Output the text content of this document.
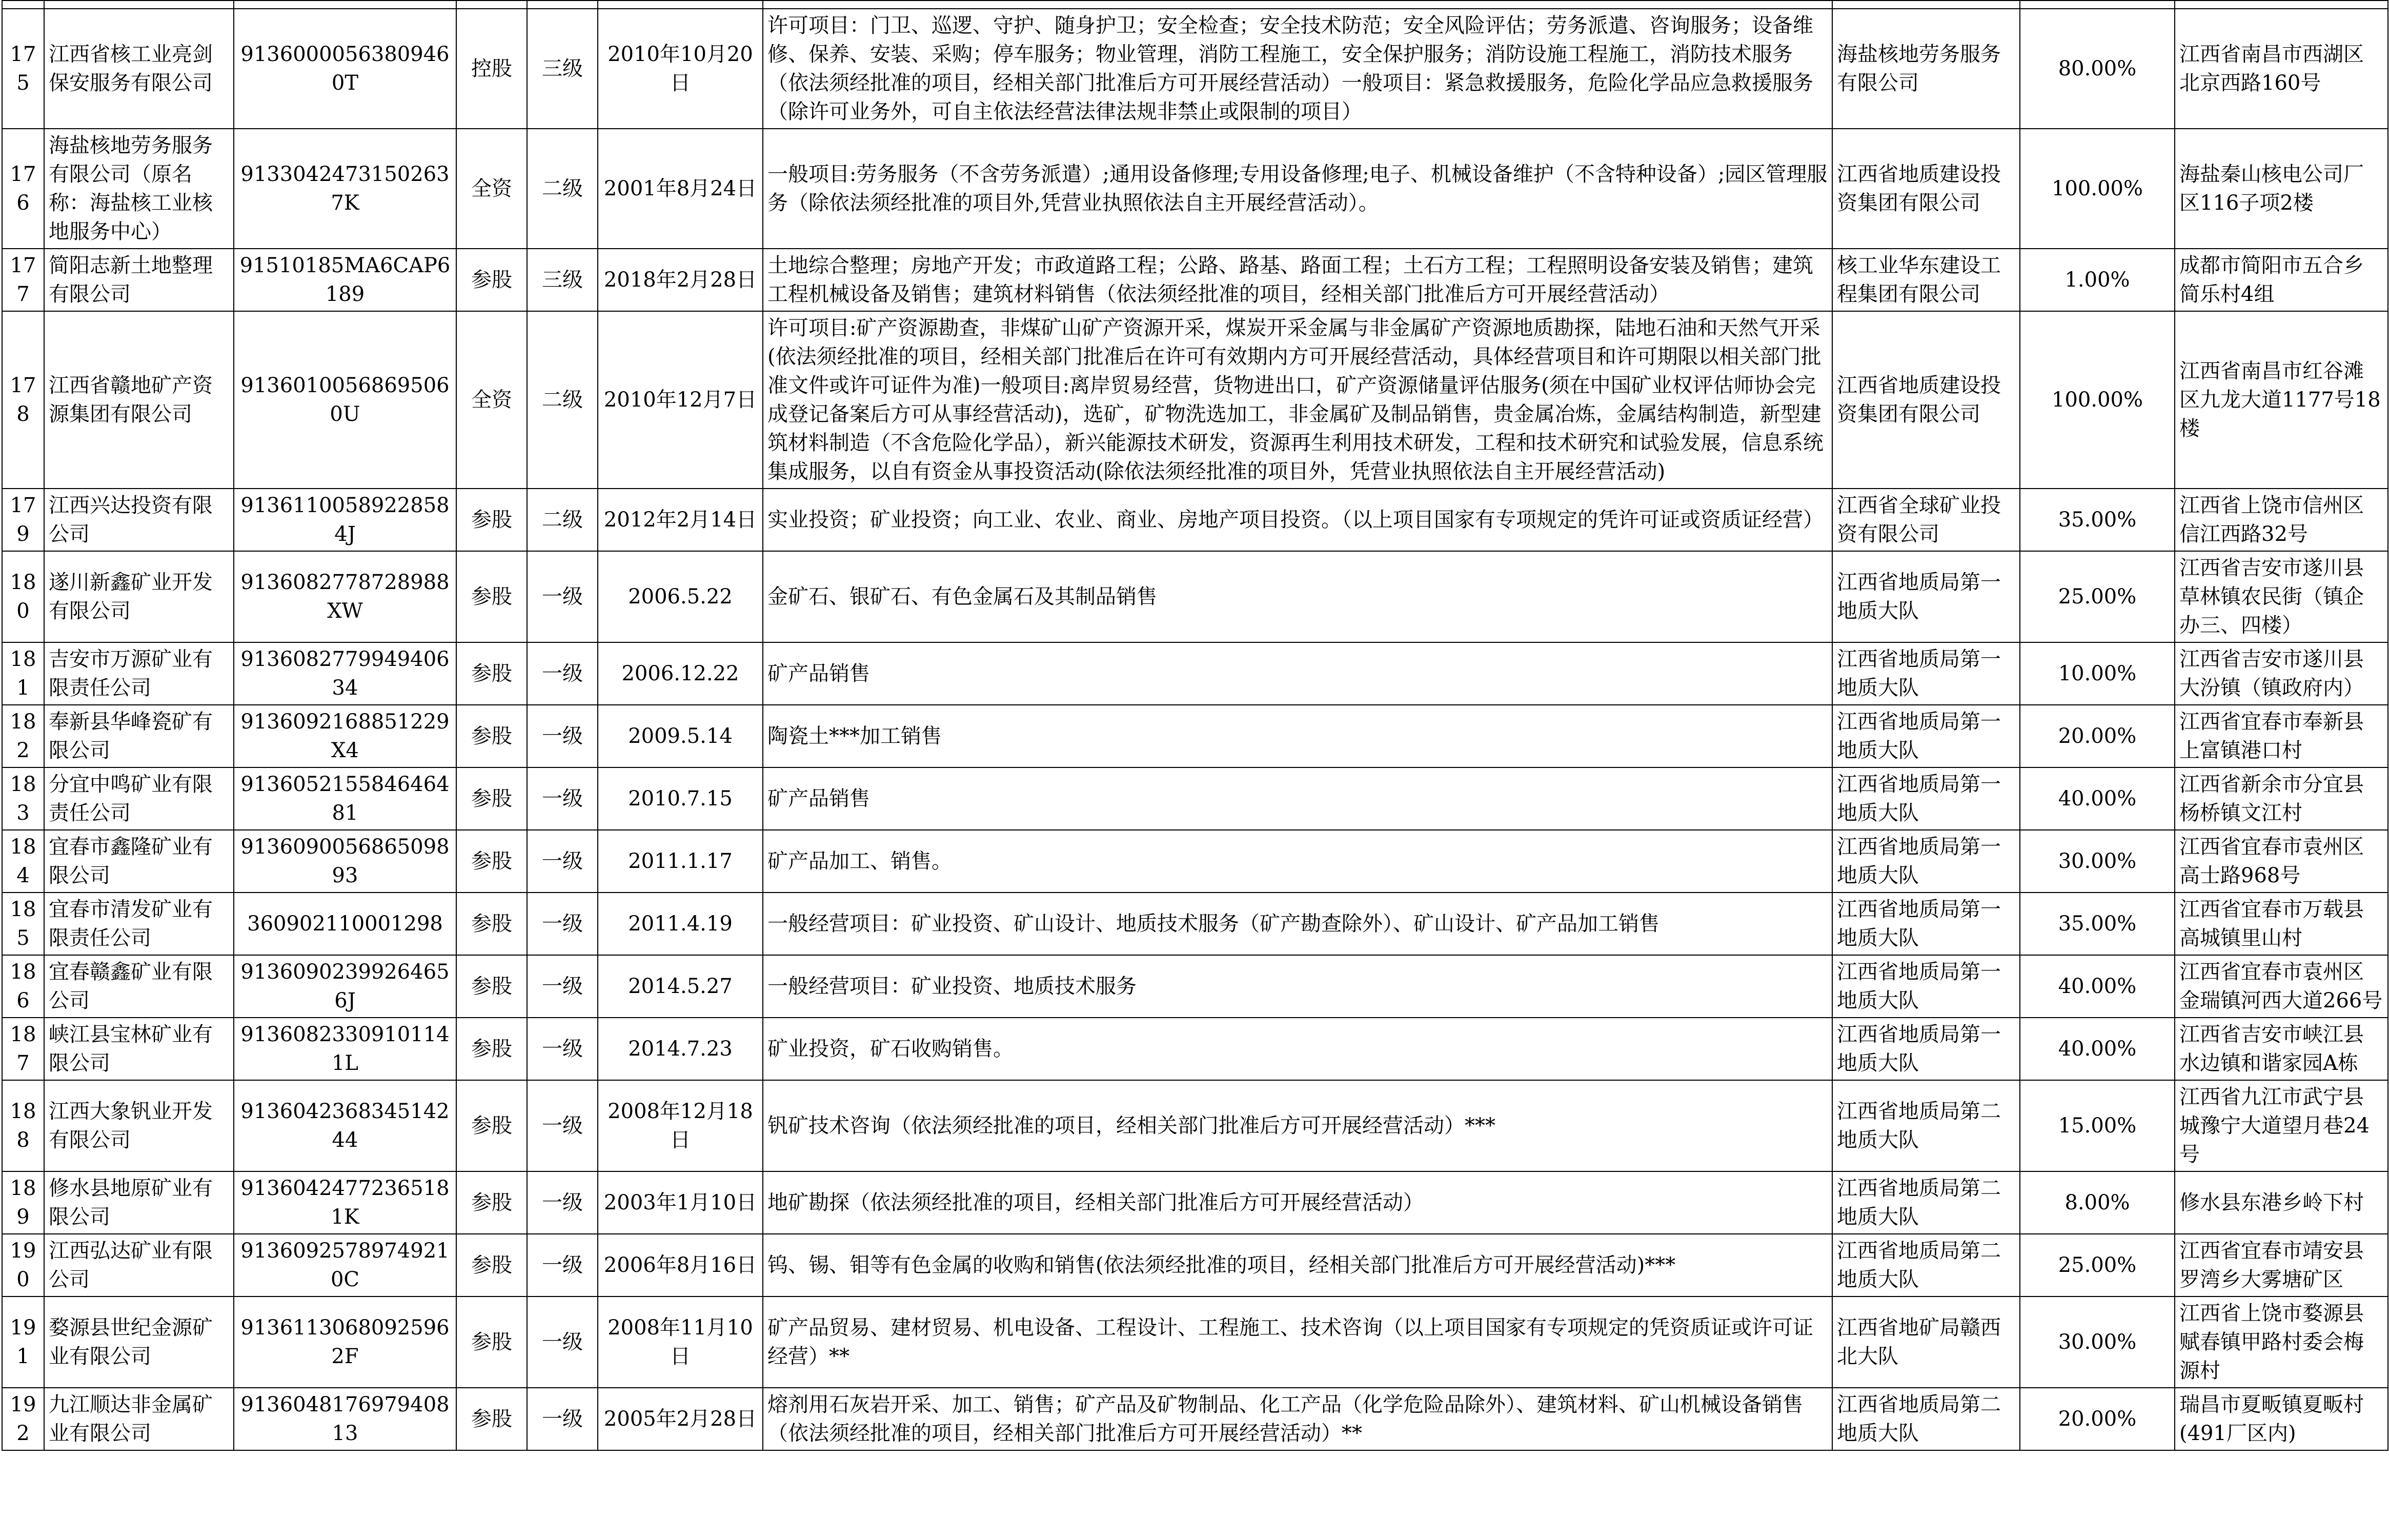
175	江西省核工业亮剑保安服务有限公司	91360000563809460T	控股	三级	2010年10月20日	许可项目：门卫、巡逻、守护、随身护卫；安全检查；安全技术防范；安全风险评估；劳务派遣、咨询服务；设备维修、保养、安装、采购；停车服务；物业管理，消防工程施工，安全保护服务；消防设施工程施工，消防技术服务（依法须经批准的项目，经相关部门批准后方可开展经营活动）一般项目：紧急救援服务，危险化学品应急救援服务（除许可业务外，可自主依法经营法律法规非禁止或限制的项目）	海盐核地劳务服务有限公司	80.00%	江西省南昌市西湖区北京西路160号
176	海盐核地劳务服务有限公司（原名称：海盐核工业核地服务中心）	91330424731502637K	全资	二级	2001年8月24日	一般项目:劳务服务（不含劳务派遣）;通用设备修理;专用设备修理;电子、机械设备维护（不含特种设备）;园区管理服务（除依法须经批准的项目外,凭营业执照依法自主开展经营活动）。	江西省地质建设投资集团有限公司	100.00%	海盐秦山核电公司厂区116子项2楼
177	简阳志新土地整理有限公司	91510185MA6CAP6189	参股	三级	2018年2月28日	土地综合整理；房地产开发；市政道路工程；公路、路基、路面工程；土石方工程；工程照明设备安装及销售；建筑工程机械设备及销售；建筑材料销售（依法须经批准的项目，经相关部门批准后方可开展经营活动）	核工业华东建设工程集团有限公司	1.00%	成都市简阳市五合乡简乐村4组
178	江西省赣地矿产资源集团有限公司	91360100568695060U	全资	二级	2010年12月7日	许可项目:矿产资源勘查，非煤矿山矿产资源开采，煤炭开采金属与非金属矿产资源地质勘探，陆地石油和天然气开采(依法须经批准的项目，经相关部门批准后在许可有效期内方可开展经营活动，具体经营项目和许可期限以相关部门批准文件或许可证件为准)一般项目:离岸贸易经营，货物进出口，矿产资源储量评估服务(须在中国矿业权评估师协会完成登记备案后方可从事经营活动)，选矿，矿物洗选加工，非金属矿及制品销售，贵金属冶炼，金属结构制造，新型建筑材料制造（不含危险化学品），新兴能源技术研发，资源再生利用技术研发，工程和技术研究和试验发展，信息系统集成服务，以自有资金从事投资活动(除依法须经批准的项目外，凭营业执照依法自主开展经营活动)	江西省地质建设投资集团有限公司	100.00%	江西省南昌市红谷滩区九龙大道1177号18楼
179	江西兴达投资有限公司	91361100589228584J	参股	二级	2012年2月14日	实业投资；矿业投资；向工业、农业、商业、房地产项目投资。（以上项目国家有专项规定的凭许可证或资质证经营）	江西省全球矿业投资有限公司	35.00%	江西省上饶市信州区信江西路32号
180	遂川新鑫矿业开发有限公司	9136082778728988XW	参股	一级	2006.5.22	金矿石、银矿石、有色金属石及其制品销售	江西省地质局第一地质大队	25.00%	江西省吉安市遂川县草林镇农民街（镇企办三、四楼）
181	吉安市万源矿业有限责任公司	91360827799494063​4	参股	一级	2006.12.22	矿产品销售	江西省地质局第一地质大队	10.00%	江西省吉安市遂川县大汾镇（镇政府内）
182	奉新县华峰瓷矿有限公司	913609216885122​9X4	参股	一级	2009.5.14	陶瓷土***加工销售	江西省地质局第一地质大队	20.00%	江西省宜春市奉新县上富镇港口村
183	分宜中鸣矿业有限责任公司	91360521558464648​1	参股	一级	2010.7.15	矿产品销售	江西省地质局第一地质大队	40.00%	江西省新余市分宜县杨桥镇文江村
184	宜春市鑫隆矿业有限公司	91360900568650989​3	参股	一级	2011.1.17	矿产品加工、销售。	江西省地质局第一地质大队	30.00%	江西省宜春市袁州区高士路968号
185	宜春市清发矿业有限责任公司	360902110001298	参股	一级	2011.4.19	一般经营项目：矿业投资、矿山设计、地质技术服务（矿产勘查除外）、矿山设计、矿产品加工销售	江西省地质局第一地质大队	35.00%	江西省宜春市万载县高城镇里山村
186	宜春赣鑫矿业有限公司	91360902399264656J	参股	一级	2014.5.27	一般经营项目：矿业投资、地质技术服务	江西省地质局第一地质大队	40.00%	江西省宜春市袁州区金瑞镇河西大道266号
187	峡江县宝林矿业有限公司	91360823309101141L	参股	一级	2014.7.23	矿业投资，矿石收购销售。	江西省地质局第一地质大队	40.00%	江西省吉安市峡江县水边镇和谐家园A栋
188	江西大象钒业开发有限公司	91360423683451424​4	参股	一级	2008年12月18日	钒矿技术咨询（依法须经批准的项目，经相关部门批准后方可开展经营活动）***	江西省地质局第二地质大队	15.00%	江西省九江市武宁县城豫宁大道望月巷24号
189	修水县地原矿业有限公司	91360424772365181K	参股	一级	2003年1月10日	地矿勘探（依法须经批准的项目，经相关部门批准后方可开展经营活动）	江西省地质局第二地质大队	8.00%	修水县东港乡岭下村
190	江西弘达矿业有限公司	91360925789749210C	参股	一级	2006年8月16日	钨、锡、钼等有色金属的收购和销售(依法须经批准的项目，经相关部门批准后方可开展经营活动)***	江西省地质局第二地质大队	25.00%	江西省宜春市靖安县罗湾乡大雾塘矿区
191	婺源县世纪金源矿业有限公司	91361130680925962F	参股	一级	2008年11月10日	矿产品贸易、建材贸易、机电设备、工程设计、工程施工、技术咨询（以上项目国家有专项规定的凭资质证或许可证经营）**	江西省地矿局赣西北大队	30.00%	江西省上饶市婺源县赋春镇甲路村委会梅源村
192	九江顺达非金属矿业有限公司	91360481769794081​3	参股	一级	2005年2月28日	熔剂用石灰岩开采、加工、销售；矿产品及矿物制品、化工产品（化学危险品除外）、建筑材料、矿山机械设备销售（依法须经批准的项目，经相关部门批准后方可开展经营活动）**	江西省地质局第二地质大队	20.00%	瑞昌市夏畈镇夏畈村(491厂区内)
